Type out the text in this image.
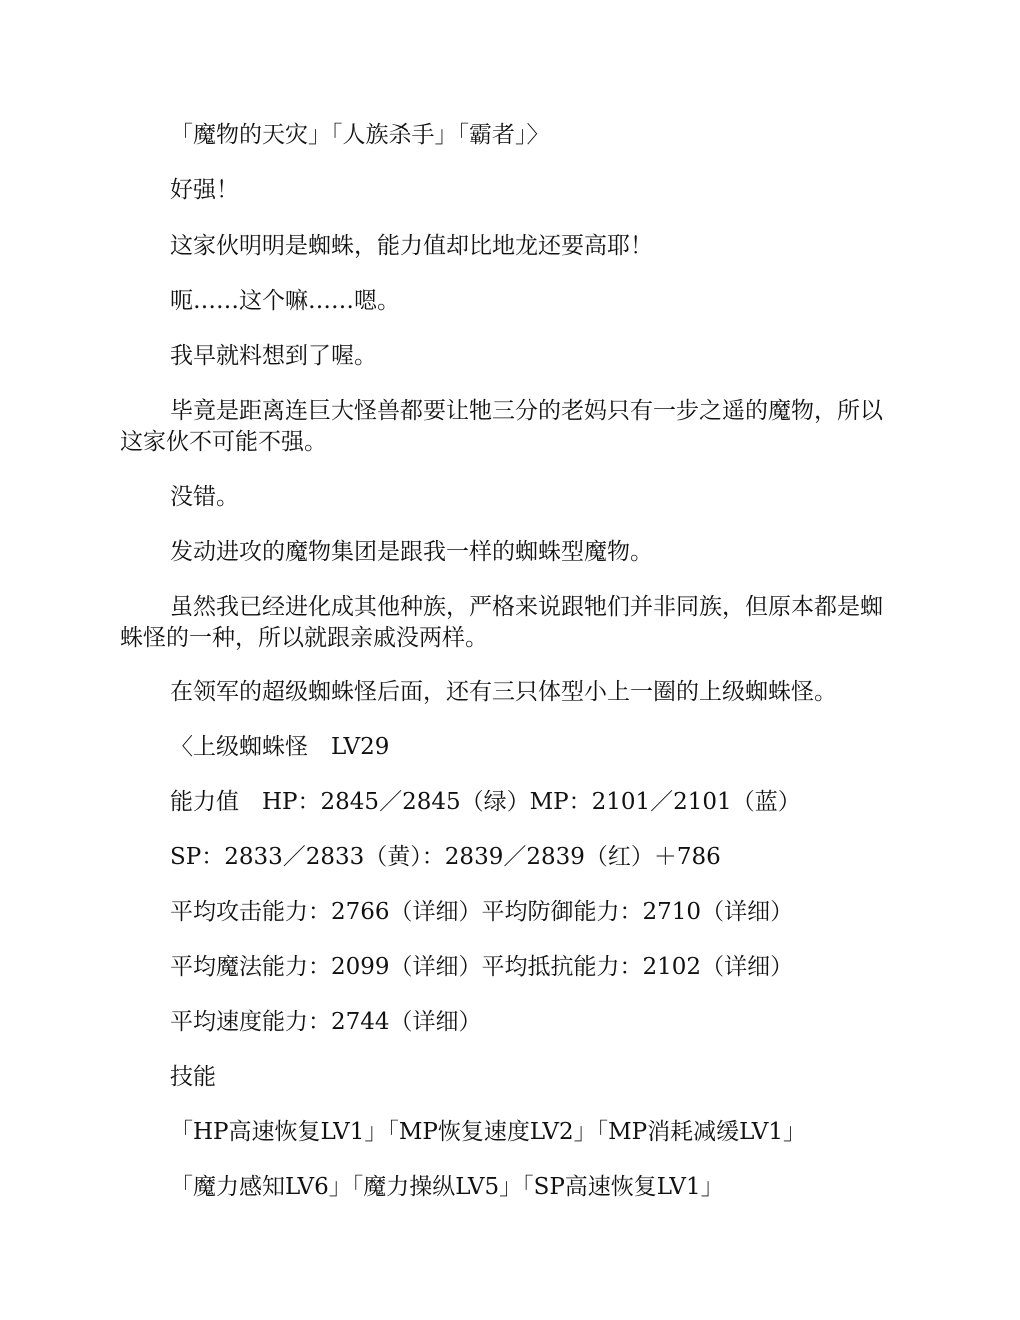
「魔物的天灾」「人族杀手」「霸者」〉

好强！

这家伙明明是蜘蛛，能力值却比地龙还要高耶！

呃……这个嘛……嗯。

我早就料想到了喔。

毕竟是距离连巨大怪兽都要让牠三分的老妈只有一步之遥的魔物，所以这家伙不可能不强。

没错。

发动进攻的魔物集团是跟我一样的蜘蛛型魔物。

虽然我已经进化成其他种族，严格来说跟牠们并非同族，但原本都是蜘蛛怪的一种，所以就跟亲戚没两样。

在领军的超级蜘蛛怪后面，还有三只体型小上一圈的上级蜘蛛怪。

〈上级蜘蛛怪　LV29

能力值　HP：2845／2845（绿）MP：2101／2101（蓝）

SP：2833／2833（黄）：2839／2839（红）＋786

平均攻击能力：2766（详细）平均防御能力：2710（详细）

平均魔法能力：2099（详细）平均抵抗能力：2102（详细）

平均速度能力：2744（详细）

技能

「HP高速恢复LV1」「MP恢复速度LV2」「MP消耗减缓LV1」

「魔力感知LV6」「魔力操纵LV5」「SP高速恢复LV1」
